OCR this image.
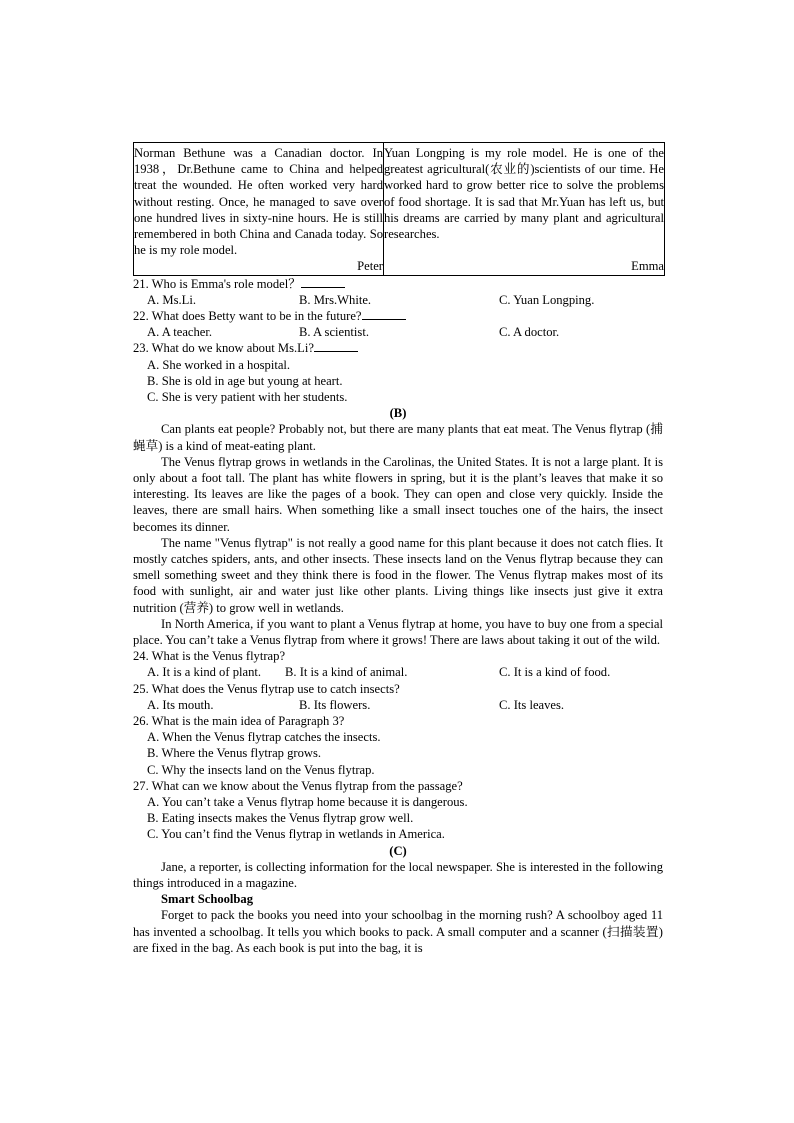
Norman Bethune was a Canadian doctor. In 1938，Dr.Bethune came to China and helped treat the wounded. He often worked very hard without resting. Once, he managed to save over one hundred lives in sixty-nine hours. He is still remembered in both China and Canada today. So he is my role model.
Peter

Yuan Longping is my role model. He is one of the greatest agricultural(农业的)scientists of our time. He worked hard to grow better rice to solve the problems of food shortage. It is sad that Mr.Yuan has left us, but his dreams are carried by many plant and agricultural researches.
Emma
21. Who is Emma's role model？
A. Ms.Li.	B. Mrs.White.	C. Yuan Longping.
22. What does Betty want to be in the future?
A. A teacher.	B. A scientist.	C. A doctor.
23. What do we know about Ms.Li?
A. She worked in a hospital.
B. She is old in age but young at heart.
C. She is very patient with her students.
(B)
Can plants eat people? Probably not, but there are many plants that eat meat. The Venus flytrap (捕蝇草) is a kind of meat-eating plant.
The Venus flytrap grows in wetlands in the Carolinas, the United States. It is not a large plant. It is only about a foot tall. The plant has white flowers in spring, but it is the plant’s leaves that make it so interesting. Its leaves are like the pages of a book. They can open and close very quickly. Inside the leaves, there are small hairs. When something like a small insect touches one of the hairs, the insect becomes its dinner.
The name "Venus flytrap" is not really a good name for this plant because it does not catch flies. It mostly catches spiders, ants, and other insects. These insects land on the Venus flytrap because they can smell something sweet and they think there is food in the flower. The Venus flytrap makes most of its food with sunlight, air and water just like other plants. Living things like insects just give it extra nutrition (营养) to grow well in wetlands.
In North America, if you want to plant a Venus flytrap at home, you have to buy one from a special place. You can’t take a Venus flytrap from where it grows! There are laws about taking it out of the wild.
24. What is the Venus flytrap?
A. It is a kind of plant. B. It is a kind of animal.	C. It is a kind of food.
25. What does the Venus flytrap use to catch insects?
A. Its mouth.	B. Its flowers.	C. Its leaves.
26. What is the main idea of Paragraph 3?
A. When the Venus flytrap catches the insects.
B. Where the Venus flytrap grows.
C. Why the insects land on the Venus flytrap.
27. What can we know about the Venus flytrap from the passage?
A. You can’t take a Venus flytrap home because it is dangerous.
B. Eating insects makes the Venus flytrap grow well.
C. You can’t find the Venus flytrap in wetlands in America.
(C)
Jane, a reporter, is collecting information for the local newspaper. She is interested in the following things introduced in a magazine.
Smart Schoolbag
Forget to pack the books you need into your schoolbag in the morning rush? A schoolboy aged 11 has invented a schoolbag. It tells you which books to pack. A small computer and a scanner (扫描装置) are fixed in the bag. As each book is put into the bag, it is
